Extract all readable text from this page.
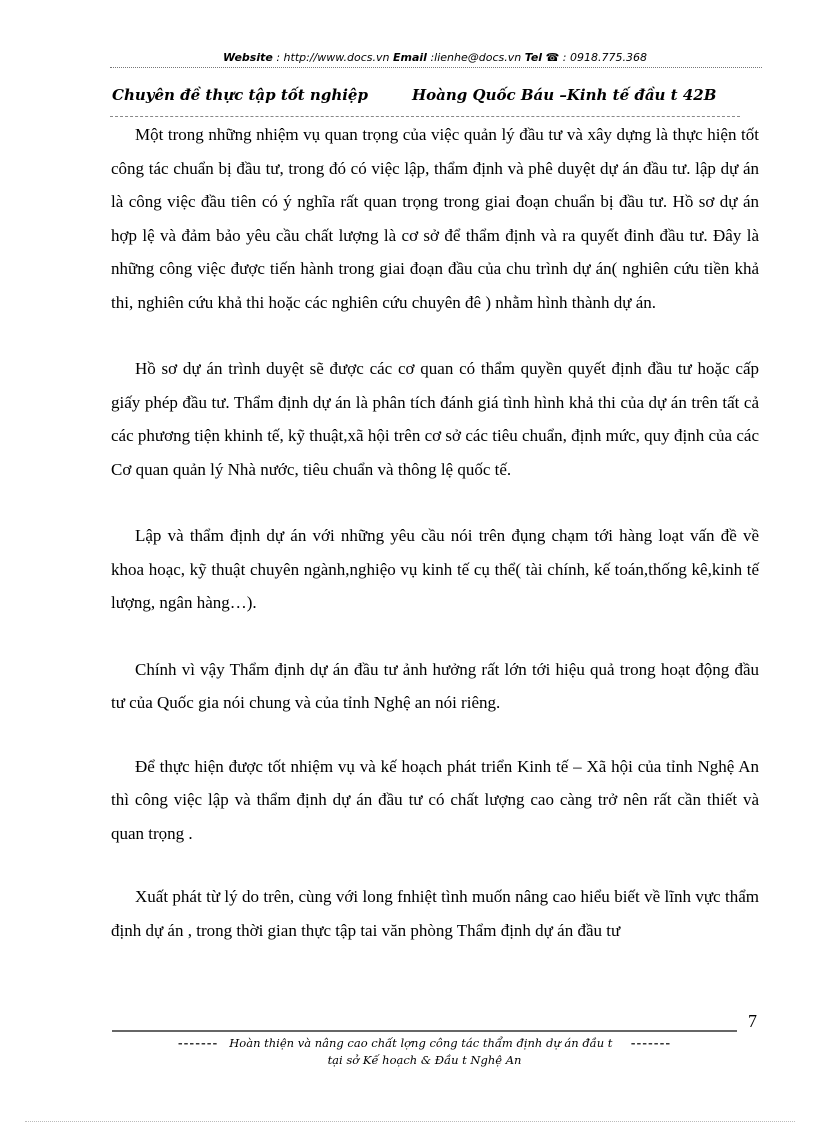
Website : http://www.docs.vn Email :lienhe@docs.vn Tel ☎ : 0918.775.368
Chuyên đề thực tập tốt nghiệp	Hoàng Quốc Báu –Kinh tế đầu t 42B

Một trong những nhiệm vụ quan trọng của việc quản lý đầu tư và xây dựng là thực hiện tốt công tác chuẩn bị đầu tư, trong đó có việc lập, thẩm định và phê duyệt dự án đầu tư. lập dự án là công việc đầu tiên có ý nghĩa rất quan trọng trong giai đoạn chuẩn bị đầu tư. Hồ sơ dự án hợp lệ và đảm bảo yêu cầu chất lượng là cơ sở để thẩm định và ra quyết đinh đầu tư. Đây là những công việc được tiến hành trong giai đoạn đầu của chu trình dự án( nghiên cứu tiền khả thi, nghiên cứu khả thi hoặc các nghiên cứu chuyên đê ) nhằm hình thành dự án.

Hồ sơ dự án trình duyệt sẽ được các cơ quan có thẩm quyền quyết định đầu tư hoặc cấp giấy phép đầu tư. Thẩm định dự án là phân tích đánh giá tình hình khả thi của dự án trên tất cả các phương tiện khinh tế, kỹ thuật,xã hội trên cơ sở các tiêu chuẩn, định mức, quy định của các Cơ quan quản lý Nhà nước, tiêu chuẩn và thông lệ quốc tế.

Lập và thẩm định dự án với những yêu cầu nói trên đụng chạm tới hàng loạt vấn đề về khoa hoạc, kỹ thuật chuyên ngành,nghiệo vụ kinh tế cụ thể( tài chính, kế toán,thống kê,kinh tế lượng, ngân hàng…).

Chính vì vậy Thẩm định dự án đầu tư ảnh hưởng rất lớn tới hiệu quả trong hoạt động đầu tư của Quốc gia nói chung và của tỉnh Nghệ an nói riêng.

Để thực hiện được tốt nhiệm vụ và kế hoạch phát triển Kinh tế – Xã hội của tỉnh Nghệ An thì công việc lập và thẩm định dự án đầu tư có chất lượng cao càng trở nên rất cần thiết và quan trọng .

Xuất phát từ lý do trên, cùng với long fnhiệt tình muốn nâng cao hiểu biết về lĩnh vực thẩm định dự án , trong thời gian thực tập tai văn phòng Thẩm định dự án đầu tư

7
------- Hoàn thiện và nâng cao chất lợng công tác thẩm định dự án đầu t -------
tại sở Kế hoạch & Đầu t Nghệ An
